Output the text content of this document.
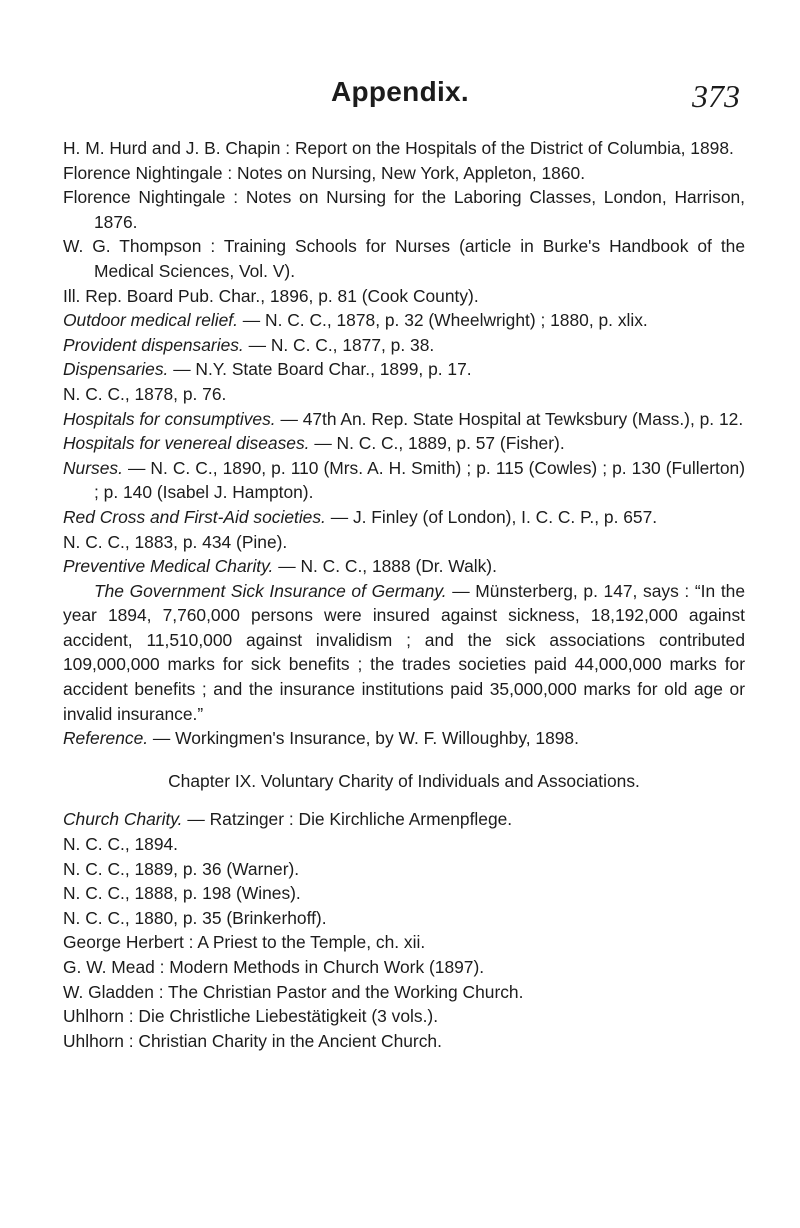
Appendix.	373
H. M. Hurd and J. B. Chapin : Report on the Hospitals of the District of Columbia, 1898.
Florence Nightingale : Notes on Nursing, New York, Appleton, 1860.
Florence Nightingale : Notes on Nursing for the Laboring Classes, London, Harrison, 1876.
W. G. Thompson : Training Schools for Nurses (article in Burke's Handbook of the Medical Sciences, Vol. V).
Ill. Rep. Board Pub. Char., 1896, p. 81 (Cook County).
Outdoor medical relief. — N. C. C., 1878, p. 32 (Wheelwright) ; 1880, p. xlix.
Provident dispensaries. — N. C. C., 1877, p. 38.
Dispensaries. — N.Y. State Board Char., 1899, p. 17.
N. C. C., 1878, p. 76.
Hospitals for consumptives. — 47th An. Rep. State Hospital at Tewksbury (Mass.), p. 12.
Hospitals for venereal diseases. — N. C. C., 1889, p. 57 (Fisher).
Nurses. — N. C. C., 1890, p. 110 (Mrs. A. H. Smith) ; p. 115 (Cowles) ; p. 130 (Fullerton) ; p. 140 (Isabel J. Hampton).
Red Cross and First-Aid societies. — J. Finley (of London), I. C. C. P., p. 657.
N. C. C., 1883, p. 434 (Pine).
Preventive Medical Charity. — N. C. C., 1888 (Dr. Walk).
The Government Sick Insurance of Germany. — Münsterberg, p. 147, says : “In the year 1894, 7,760,000 persons were insured against sickness, 18,192,000 against accident, 11,510,000 against invalidism ; and the sick associations contributed 109,000,000 marks for sick benefits ; the trades societies paid 44,000,000 marks for accident benefits ; and the insurance institutions paid 35,000,000 marks for old age or invalid insurance.”
Reference. — Workingmen's Insurance, by W. F. Willoughby, 1898.
Chapter IX. Voluntary Charity of Individuals and Associations.
Church Charity. — Ratzinger : Die Kirchliche Armenpflege.
N. C. C., 1894.
N. C. C., 1889, p. 36 (Warner).
N. C. C., 1888, p. 198 (Wines).
N. C. C., 1880, p. 35 (Brinkerhoff).
George Herbert : A Priest to the Temple, ch. xii.
G. W. Mead : Modern Methods in Church Work (1897).
W. Gladden : The Christian Pastor and the Working Church.
Uhlhorn : Die Christliche Liebestätigkeit (3 vols.).
Uhlhorn : Christian Charity in the Ancient Church.
